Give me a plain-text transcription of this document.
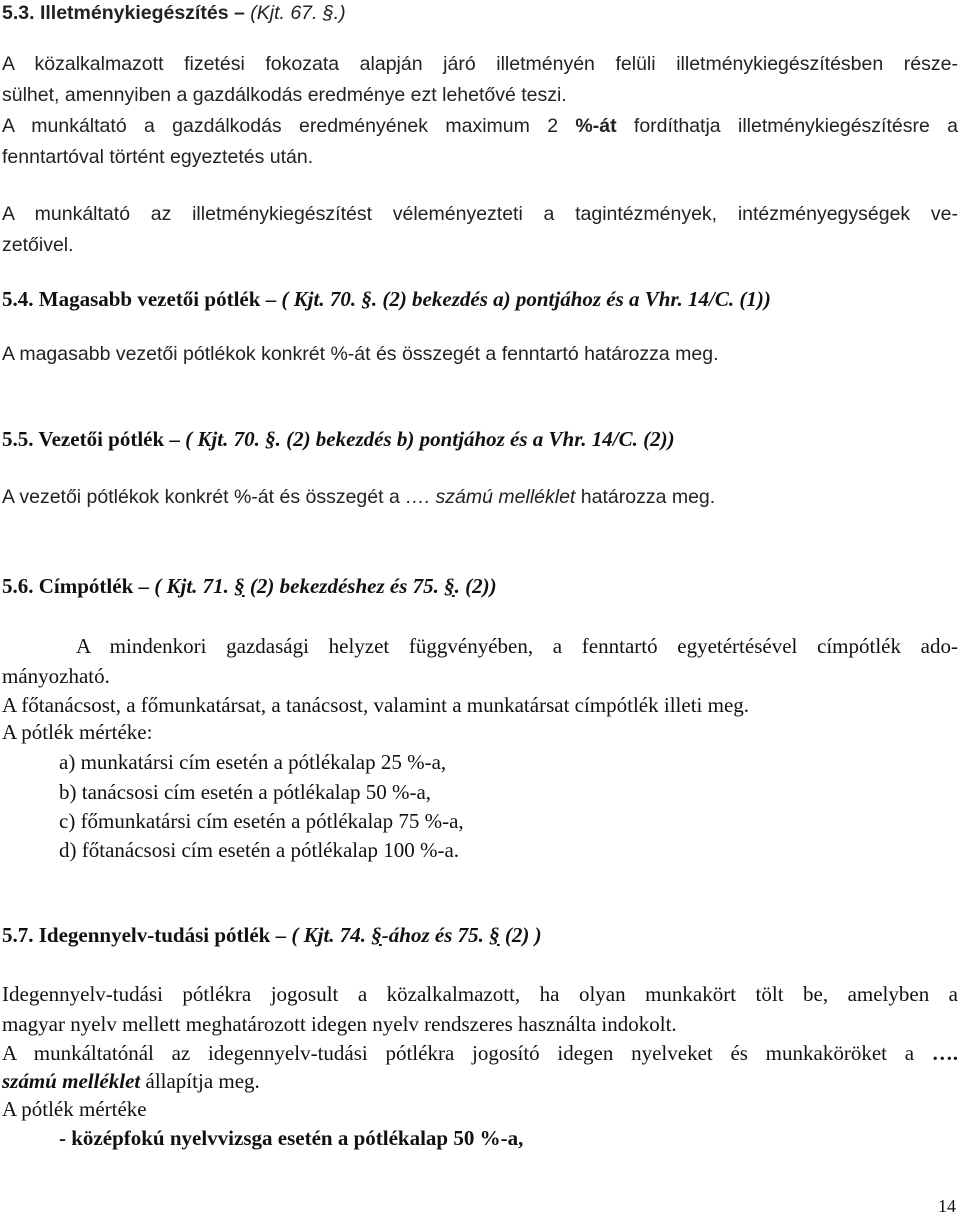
5.3. Illetménykiegészítés – (Kjt. 67. §.)
A közalkalmazott fizetési fokozata alapján járó illetményén felüli illetménykiegészítésben része-
sülhet, amennyiben a gazdálkodás eredménye ezt lehetővé teszi.
A munkáltató a gazdálkodás eredményének maximum 2 %-át fordíthatja illetménykiegészítésre a
fenntartóval történt egyeztetés után.
A munkáltató az illetménykiegészítést véleményezteti a tagintézmények, intézményegységek ve-
zetőivel.
5.4. Magasabb vezetői pótlék – ( Kjt. 70. §. (2) bekezdés a) pontjához és a Vhr. 14/C. (1))
A magasabb vezetői pótlékok konkrét %-át és összegét a fenntartó határozza meg.
5.5. Vezetői pótlék – ( Kjt. 70. §. (2) bekezdés b) pontjához és a Vhr. 14/C. (2))
A vezetői pótlékok konkrét %-át és összegét a …. számú melléklet határozza meg.
5.6. Címpótlék – ( Kjt. 71. § (2) bekezdéshez és 75. §. (2))
A mindenkori gazdasági helyzet függvényében, a fenntartó egyetértésével címpótlék ado-
mányozható.
A főtanácsost, a főmunkatársat, a tanácsost, valamint a munkatársat címpótlék illeti meg.
A pótlék mértéke:
a) munkatársi cím esetén a pótlékalap 25 %-a,
b) tanácsosi cím esetén a pótlékalap 50 %-a,
c) főmunkatársi cím esetén a pótlékalap 75 %-a,
d) főtanácsosi cím esetén a pótlékalap 100 %-a.
5.7. Idegennyelv-tudási pótlék – ( Kjt. 74. §-ához és 75. § (2) )
Idegennyelv-tudási pótlékra jogosult a közalkalmazott, ha olyan munkakört tölt be, amelyben a
magyar nyelv mellett meghatározott idegen nyelv rendszeres használta indokolt.
A munkáltatónál az idegennyelv-tudási pótlékra jogosító idegen nyelveket és munkaköröket a ….
számú melléklet állapítja meg.
A pótlék mértéke
- középfokú nyelvvizsga esetén a pótlékalap 50 %-a,
14
